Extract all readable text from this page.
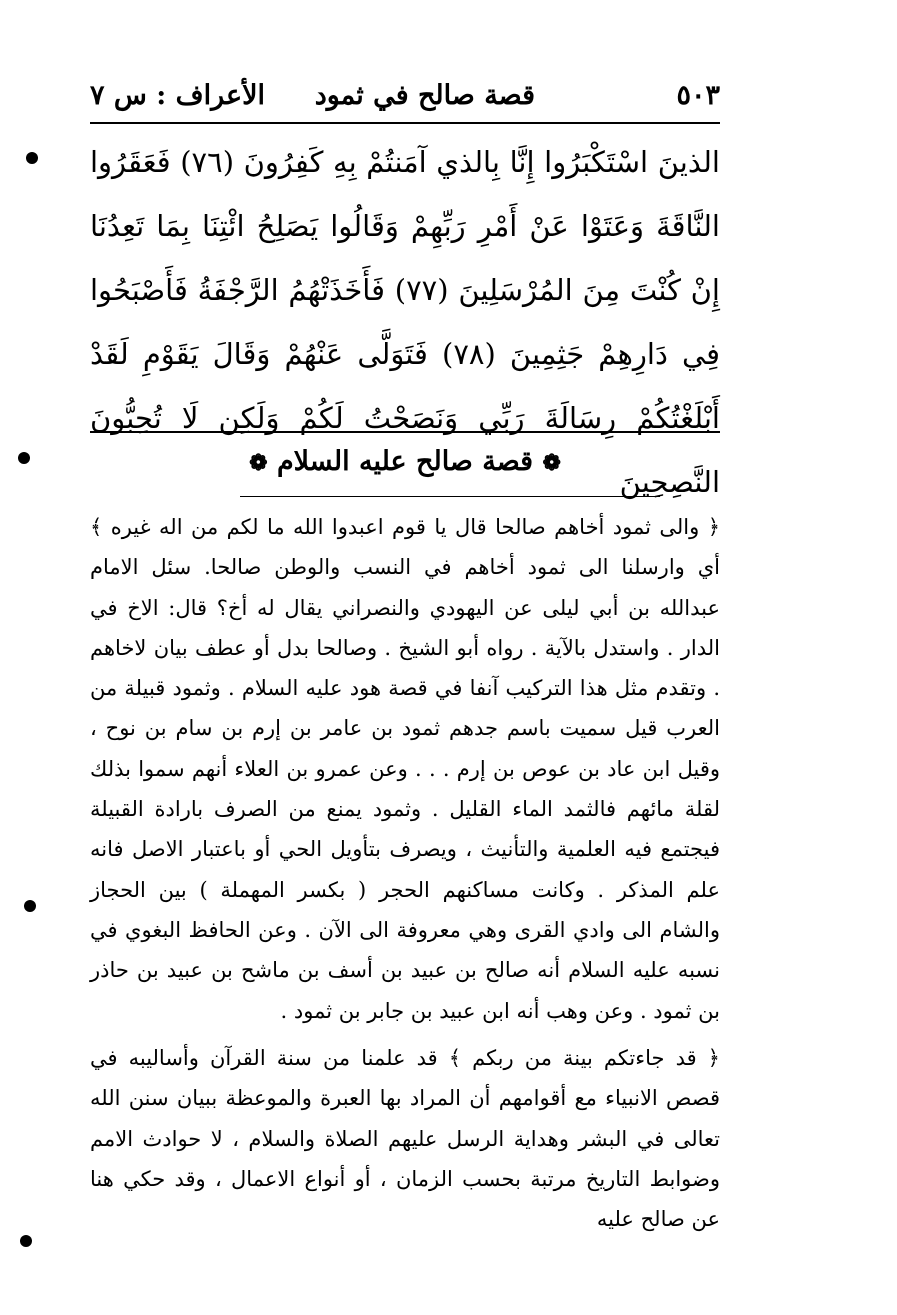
٥٠٣
قصة صالح في ثمود
الأعراف : س ٧
الذينَ اسْتَكْبَرُوا إِنَّا بِالذي آمَنتُمْ بِهِ كَفِرُونَ (٧٦) فَعَقَرُوا النَّاقَةَ وَعَتَوْا عَنْ أَمْرِ رَبِّهِمْ وَقَالُوا يَصَلِحُ ائْتِنَا بِمَا تَعِدُنَا إِنْ كُنْتَ مِنَ المُرْسَلِينَ (٧٧) فَأَخَذَتْهُمُ الرَّجْفَةُ فَأَصْبَحُوا فِي دَارِهِمْ جَثِمِينَ (٧٨) فَتَوَلَّى عَنْهُمْ وَقَالَ يَقَوْمِ لَقَدْ أَبْلَغْتُكُمْ رِسَالَةَ رَبِّي وَنَصَحْتُ لَكُمْ وَلَكِن لَا تُحِبُّونَ النَّصِحِينَ
❁ قصة صالح عليه السلام ❁
﴿ والى ثمود أخاهم صالحا قال يا قوم اعبدوا الله ما لكم من اله غيره ﴾ أي وارسلنا الى ثمود أخاهم في النسب والوطن صالحا. سئل الامام عبدالله بن أبي ليلى عن اليهودي والنصراني يقال له أخ؟ قال: الاخ في الدار . واستدل بالآية . رواه أبو الشيخ . وصالحا بدل أو عطف بيان لاخاهم . وتقدم مثل هذا التركيب آنفا في قصة هود عليه السلام . وثمود قبيلة من العرب قيل سميت باسم جدهم ثمود بن عامر بن إرم بن سام بن نوح ، وقيل ابن عاد بن عوص بن إرم . . . وعن عمرو بن العلاء أنهم سموا بذلك لقلة مائهم فالثمد الماء القليل . وثمود يمنع من الصرف بارادة القبيلة فيجتمع فيه العلمية والتأنيث ، ويصرف بتأويل الحي أو باعتبار الاصل فانه علم المذكر . وكانت مساكنهم الحجر ( بكسر المهملة ) بين الحجاز والشام الى وادي القرى وهي معروفة الى الآن . وعن الحافظ البغوي في نسبه عليه السلام أنه صالح بن عبيد بن أسف بن ماشح بن عبيد بن حاذر بن ثمود . وعن وهب أنه ابن عبيد بن جابر بن ثمود .
﴿ قد جاءتكم بينة من ربكم ﴾ قد علمنا من سنة القرآن وأساليبه في قصص الانبياء مع أقوامهم أن المراد بها العبرة والموعظة ببيان سنن الله تعالى في البشر وهداية الرسل عليهم الصلاة والسلام ، لا حوادث الامم وضوابط التاريخ مرتبة بحسب الزمان ، أو أنواع الاعمال ، وقد حكي هنا عن صالح عليه
